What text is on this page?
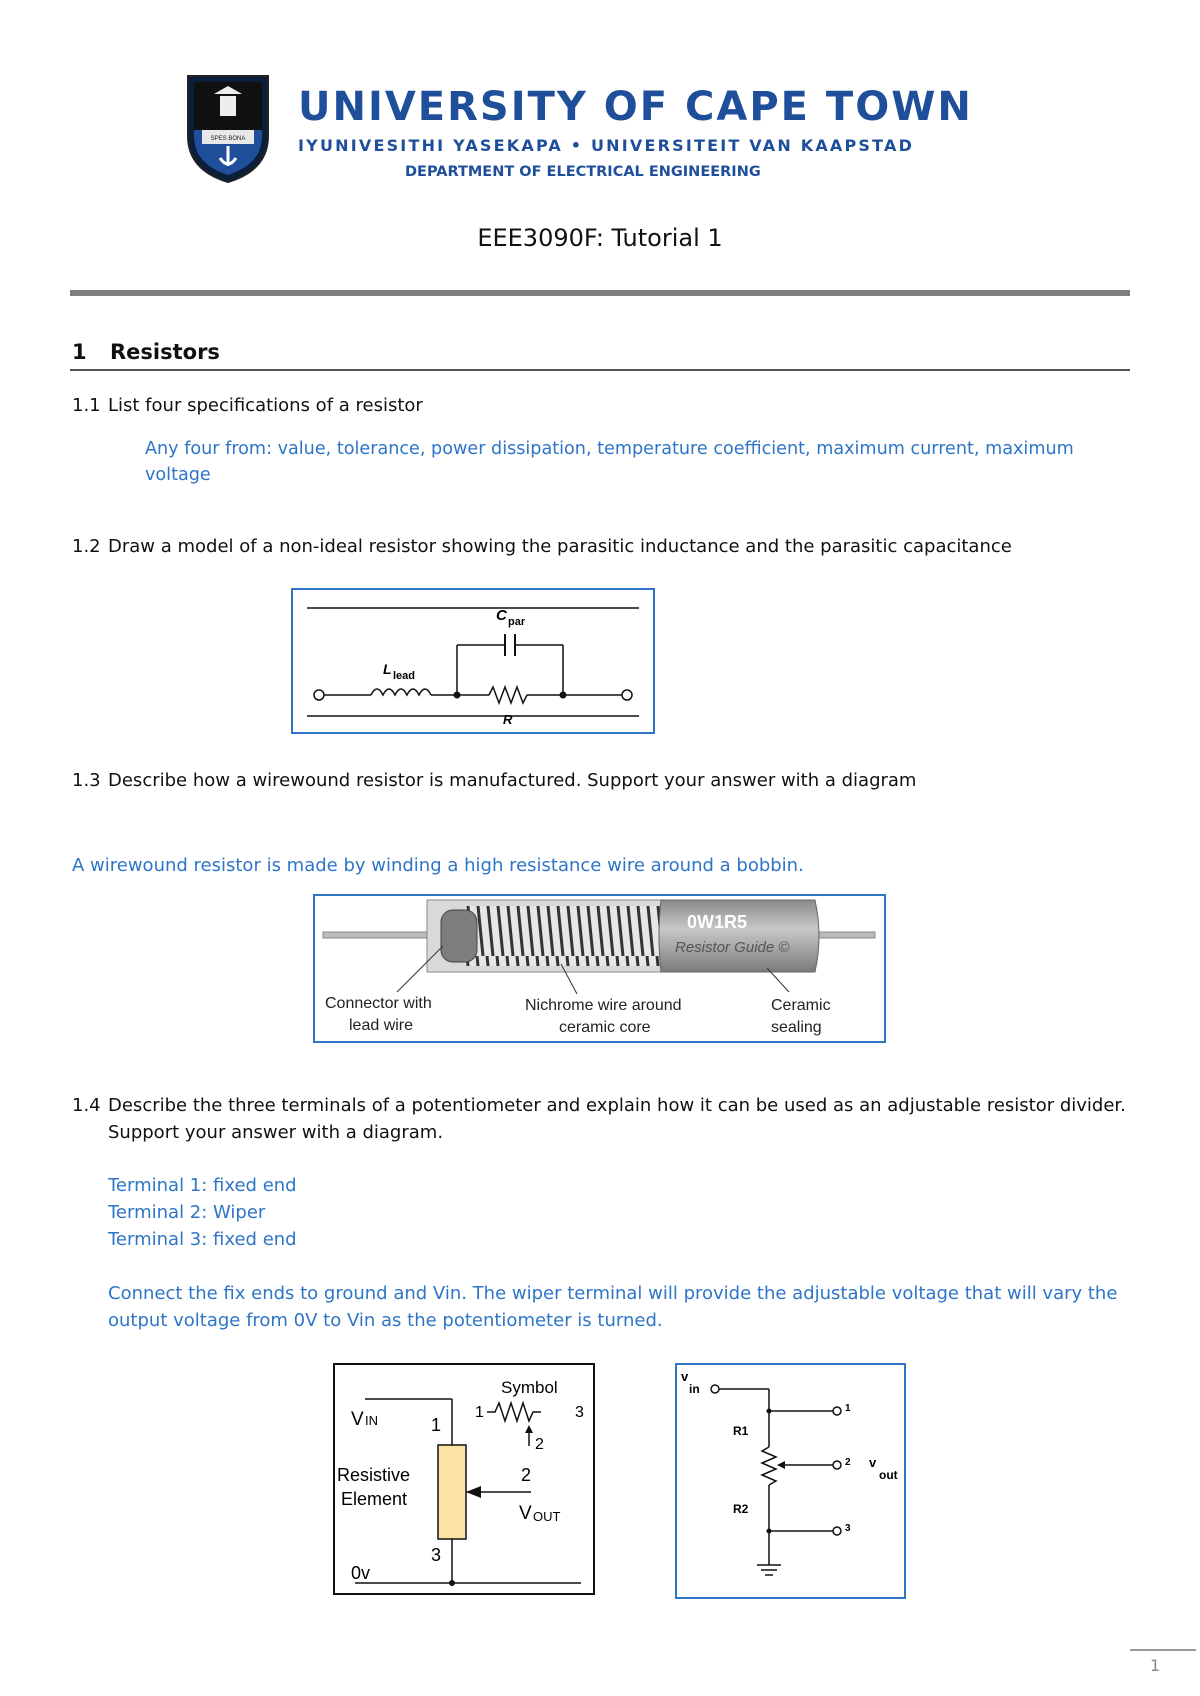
SPES BONA
UNIVERSITY OF CAPE TOWN
IYUNIVESITHI YASEKAPA • UNIVERSITEIT VAN KAAPSTAD
DEPARTMENT OF ELECTRICAL ENGINEERING
EEE3090F: Tutorial 1
1 Resistors
1.1 List four specifications of a resistor
Any four from: value, tolerance, power dissipation, temperature coefficient, maximum current, maximum
voltage
1.2 Draw a model of a non-ideal resistor showing the parasitic inductance and the parasitic capacitance
C par
L lead
R
1.3 Describe how a wirewound resistor is manufactured. Support your answer with a diagram
A wirewound resistor is made by winding a high resistance wire around a bobbin.
0W1R5
Resistor Guide ©
Connector with
lead wire
Nichrome wire around
ceramic core
Ceramic
sealing
1.4 Describe the three terminals of a potentiometer and explain how it can be used as an adjustable resistor divider.
Support your answer with a diagram.
Terminal 1: fixed end
Terminal 2: Wiper
Terminal 3: fixed end
Connect the fix ends to ground and Vin. The wiper terminal will provide the adjustable voltage that will vary the
output voltage from 0V to Vin as the potentiometer is turned.
Symbol
1	3
2
V IN	1
Resistive
Element
2
V OUT
3
0v
v
in
R1
R2
1
2
3
v
out
1
